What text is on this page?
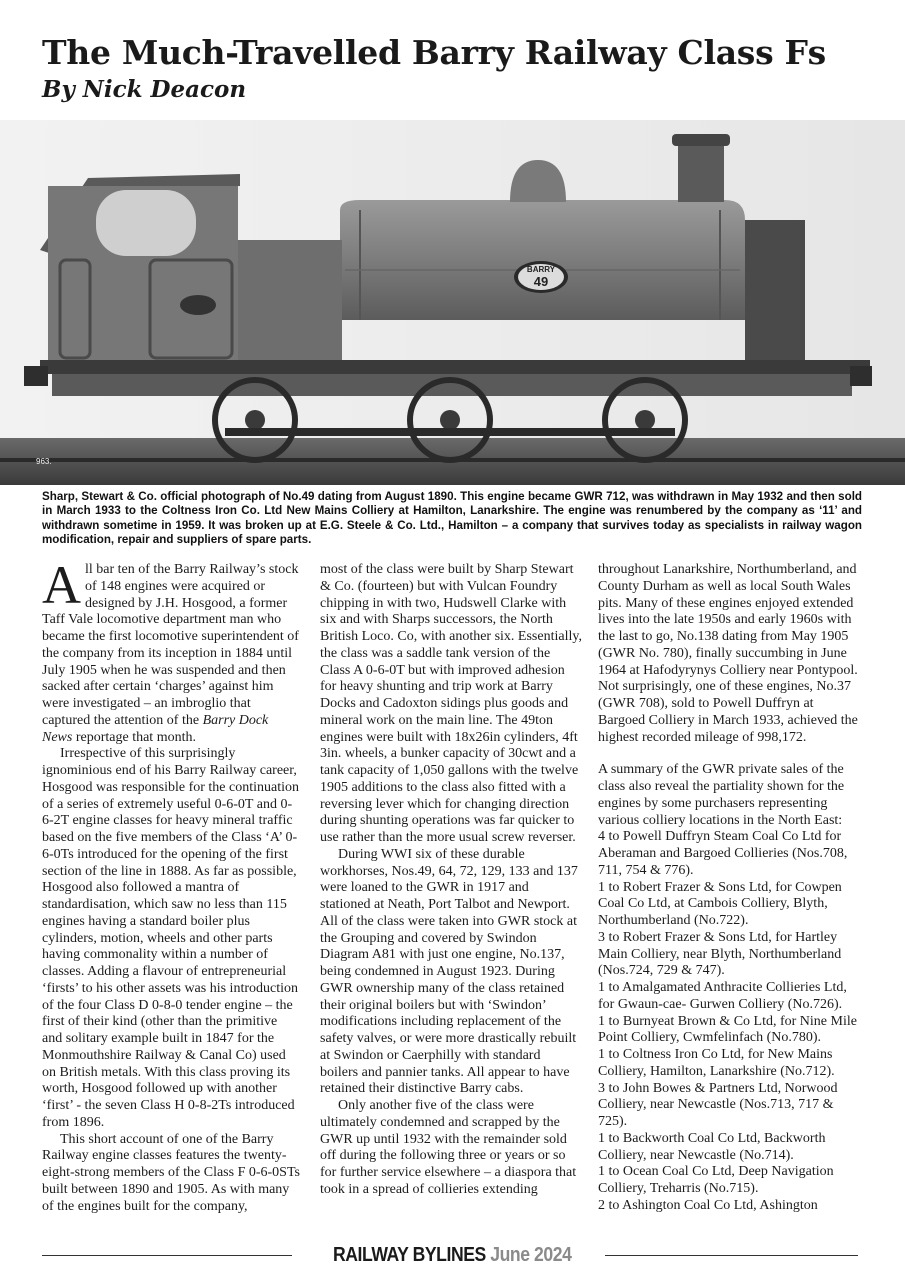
The Much-Travelled Barry Railway Class Fs
By Nick Deacon
BARRY
49
963.
Sharp, Stewart & Co. official photograph of No.49 dating from August 1890. This engine became GWR 712, was withdrawn in May 1932 and then sold in March 1933 to the Coltness Iron Co. Ltd New Mains Colliery at Hamilton, Lanarkshire. The engine was renumbered by the company as ‘11’ and withdrawn sometime in 1959. It was broken up at E.G. Steele & Co. Ltd., Hamilton – a company that survives today as specialists in railway wagon modification, repair and suppliers of spare parts.

All bar ten of the Barry Railway’s stock of 148 engines were acquired or designed by J.H. Hosgood, a former Taff Vale locomotive department man who became the first locomotive superintendent of the company from its inception in 1884 until July 1905 when he was suspended and then sacked after certain ‘charges’ against him were investigated – an imbroglio that captured the attention of the Barry Dock News reportage that month.

Irrespective of this surprisingly ignominious end of his Barry Railway career, Hosgood was responsible for the continuation of a series of extremely useful 0-6-0T and 0-6-2T engine classes for heavy mineral traffic based on the five members of the Class ‘A’ 0-6-0Ts introduced for the opening of the first section of the line in 1888. As far as possible, Hosgood also followed a mantra of standardisation, which saw no less than 115 engines having a standard boiler plus cylinders, motion, wheels and other parts having commonality within a number of classes. Adding a flavour of entrepreneurial ‘firsts’ to his other assets was his introduction of the four Class D 0-8-0 tender engine – the first of their kind (other than the primitive and solitary example built in 1847 for the Monmouthshire Railway & Canal Co) used on British metals. With this class proving its worth, Hosgood followed up with another ‘first’ - the seven Class H 0-8-2Ts introduced from 1896.

This short account of one of the Barry Railway engine classes features the twenty-eight-strong members of the Class F 0-6-0STs built between 1890 and 1905. As with many of the engines built for the company,

most of the class were built by Sharp Stewart & Co. (fourteen) but with Vulcan Foundry chipping in with two, Hudswell Clarke with six and with Sharps successors, the North British Loco. Co, with another six. Essentially, the class was a saddle tank version of the Class A 0-6-0T but with improved adhesion for heavy shunting and trip work at Barry Docks and Cadoxton sidings plus goods and mineral work on the main line. The 49ton engines were built with 18x26in cylinders, 4ft 3in. wheels, a bunker capacity of 30cwt and a tank capacity of 1,050 gallons with the twelve 1905 additions to the class also fitted with a reversing lever which for changing direction during shunting operations was far quicker to use rather than the more usual screw reverser.

During WWI six of these durable workhorses, Nos.49, 64, 72, 129, 133 and 137 were loaned to the GWR in 1917 and stationed at Neath, Port Talbot and Newport. All of the class were taken into GWR stock at the Grouping and covered by Swindon Diagram A81 with just one engine, No.137, being condemned in August 1923. During GWR ownership many of the class retained their original boilers but with ‘Swindon’ modifications including replacement of the safety valves, or were more drastically rebuilt at Swindon or Caerphilly with standard boilers and pannier tanks. All appear to have retained their distinctive Barry cabs.

Only another five of the class were ultimately condemned and scrapped by the GWR up until 1932 with the remainder sold off during the following three or years or so for further service elsewhere – a diaspora that took in a spread of collieries extending

throughout Lanarkshire, Northumberland, and County Durham as well as local South Wales pits. Many of these engines enjoyed extended lives into the late 1950s and early 1960s with the last to go, No.138 dating from May 1905 (GWR No. 780), finally succumbing in June 1964 at Hafodyrynys Colliery near Pontypool. Not surprisingly, one of these engines, No.37 (GWR 708), sold to Powell Duffryn at Bargoed Colliery in March 1933, achieved the highest recorded mileage of 998,172.

A summary of the GWR private sales of the class also reveal the partiality shown for the engines by some purchasers representing various colliery locations in the North East:

4 to Powell Duffryn Steam Coal Co Ltd for Aberaman and Bargoed Collieries (Nos.708, 711, 754 & 776).

1 to Robert Frazer & Sons Ltd, for Cowpen Coal Co Ltd, at Cambois Colliery, Blyth, Northumberland (No.722).

3 to Robert Frazer & Sons Ltd, for Hartley Main Colliery, near Blyth, Northumberland (Nos.724, 729 & 747).

1 to Amalgamated Anthracite Collieries Ltd, for Gwaun-cae- Gurwen Colliery (No.726).

1 to Burnyeat Brown & Co Ltd, for Nine Mile Point Colliery, Cwmfelinfach (No.780).

1 to Coltness Iron Co Ltd, for New Mains Colliery, Hamilton, Lanarkshire (No.712).

3 to John Bowes & Partners Ltd, Norwood Colliery, near Newcastle (Nos.713, 717 & 725).

1 to Backworth Coal Co Ltd, Backworth Colliery, near Newcastle (No.714).

1 to Ocean Coal Co Ltd, Deep Navigation Colliery, Treharris (No.715).

2 to Ashington Coal Co Ltd, Ashington

RAILWAY BYLINES June 2024
